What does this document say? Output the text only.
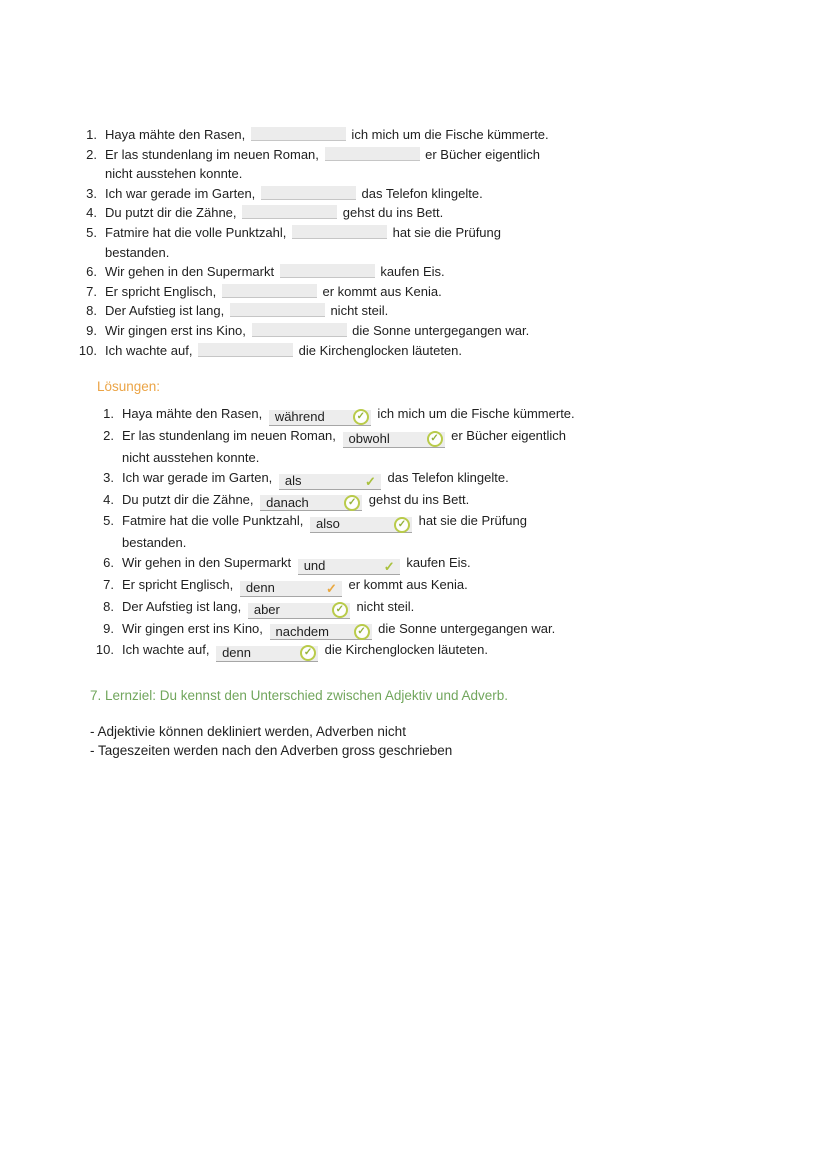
1. Haya mähte den Rasen,	ich mich um die Fische kümmerte.
2. Er las stundenlang im neuen Roman,	er Bücher eigentlich nicht ausstehen konnte.
3. Ich war gerade im Garten,	das Telefon klingelte.
4. Du putzt dir die Zähne,	gehst du ins Bett.
5. Fatmire hat die volle Punktzahl,	hat sie die Prüfung bestanden.
6. Wir gehen in den Supermarkt	kaufen Eis.
7. Er spricht Englisch,	er kommt aus Kenia.
8. Der Aufstieg ist lang,	nicht steil.
9. Wir gingen erst ins Kino,	die Sonne untergegangen war.
10. Ich wachte auf,	die Kirchenglocken läuteten.
Lösungen:
1. Haya mähte den Rasen, während	✓ ich mich um die Fische kümmerte.
2. Er las stundenlang im neuen Roman, obwohl	✓ er Bücher eigentlich nicht ausstehen konnte.
3. Ich war gerade im Garten, als	✓ das Telefon klingelte.
4. Du putzt dir die Zähne, danach	✓ gehst du ins Bett.
5. Fatmire hat die volle Punktzahl, also	✓ hat sie die Prüfung bestanden.
6. Wir gehen in den Supermarkt und	✓ kaufen Eis.
7. Er spricht Englisch, denn	✓ er kommt aus Kenia.
8. Der Aufstieg ist lang, aber	✓ nicht steil.
9. Wir gingen erst ins Kino, nachdem	✓ die Sonne untergegangen war.
10. Ich wachte auf, denn	✓ die Kirchenglocken läuteten.
7. Lernziel: Du kennst den Unterschied zwischen Adjektiv und Adverb.
- Adjektivie können dekliniert werden, Adverben nicht
- Tageszeiten werden nach den Adverben gross geschrieben
